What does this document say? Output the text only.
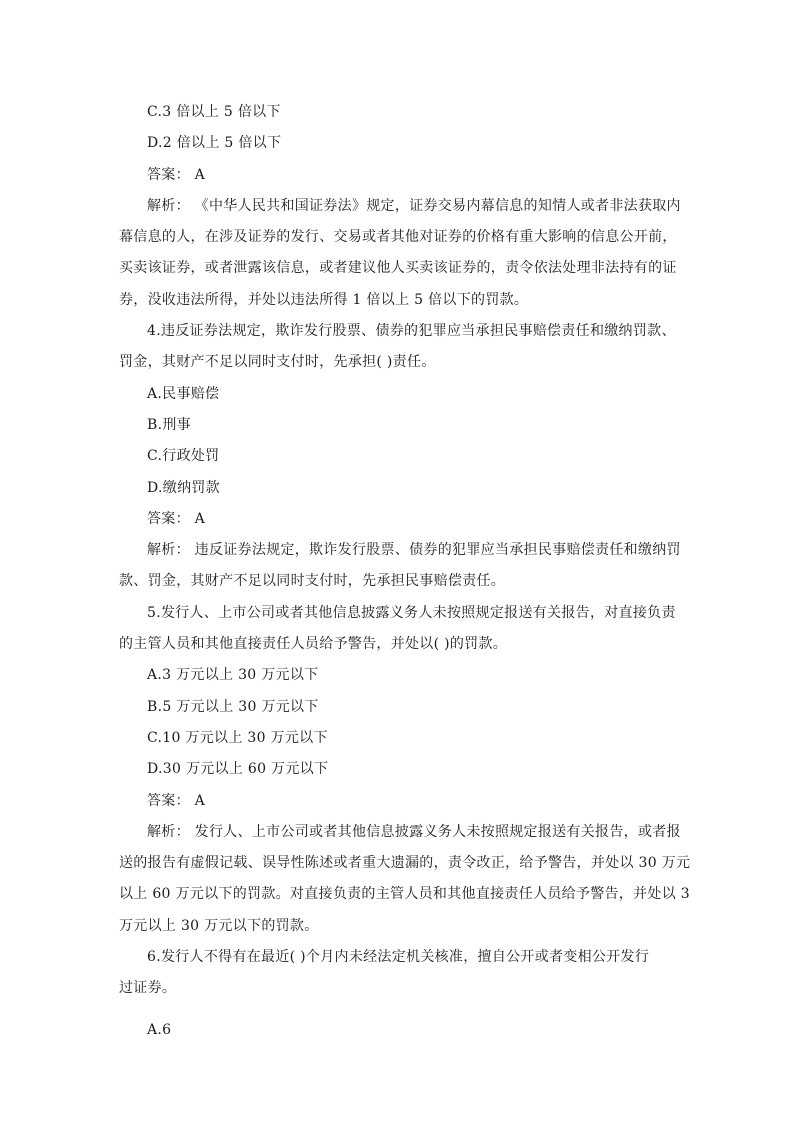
C.3 倍以上 5 倍以下
D.2 倍以上 5 倍以下
答案： A
解析： 《中华人民共和国证券法》规定，证券交易内幕信息的知情人或者非法获取内
幕信息的人，在涉及证券的发行、交易或者其他对证券的价格有重大影响的信息公开前，
买卖该证券，或者泄露该信息，或者建议他人买卖该证券的，责令依法处理非法持有的证
券，没收违法所得，并处以违法所得 1 倍以上 5 倍以下的罚款。
4.违反证券法规定，欺诈发行股票、债券的犯罪应当承担民事赔偿责任和缴纳罚款、
罚金，其财产不足以同时支付时，先承担( )责任。
A.民事赔偿
B.刑事
C.行政处罚
D.缴纳罚款
答案： A
解析： 违反证券法规定，欺诈发行股票、债券的犯罪应当承担民事赔偿责任和缴纳罚
款、罚金，其财产不足以同时支付时，先承担民事赔偿责任。
5.发行人、上市公司或者其他信息披露义务人未按照规定报送有关报告，对直接负责
的主管人员和其他直接责任人员给予警告，并处以( )的罚款。
A.3 万元以上 30 万元以下
B.5 万元以上 30 万元以下
C.10 万元以上 30 万元以下
D.30 万元以上 60 万元以下
答案： A
解析： 发行人、上市公司或者其他信息披露义务人未按照规定报送有关报告，或者报
送的报告有虚假记载、误导性陈述或者重大遗漏的，责令改正，给予警告，并处以 30 万元
以上 60 万元以下的罚款。对直接负责的主管人员和其他直接责任人员给予警告，并处以 3
万元以上 30 万元以下的罚款。
6.发行人不得有在最近( )个月内未经法定机关核准，擅自公开或者变相公开发行
过证券。
A.6
